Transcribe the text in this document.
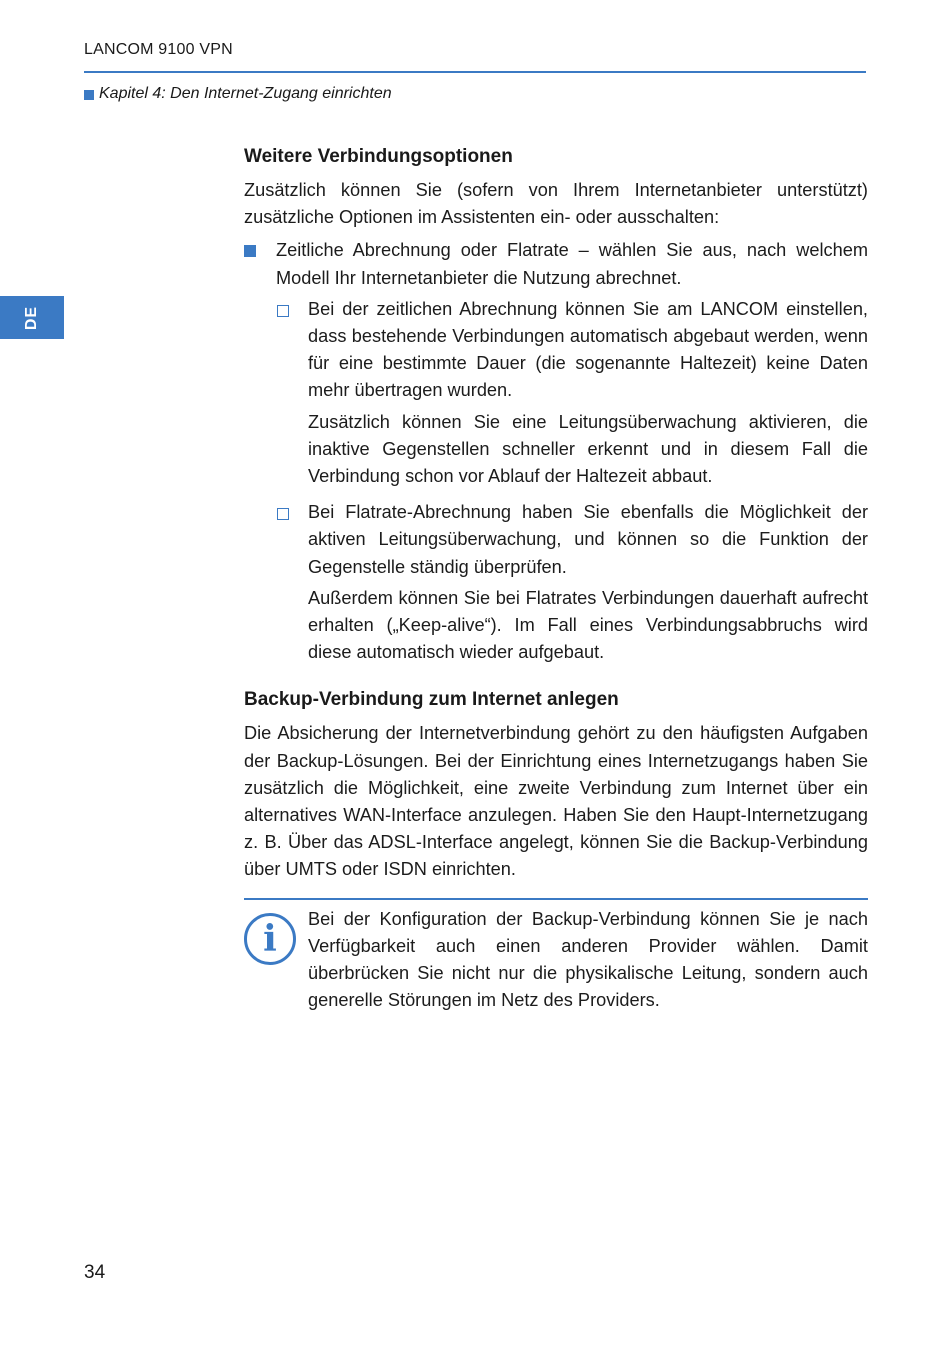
LANCOM 9100 VPN
Kapitel 4: Den Internet-Zugang einrichten
DE
Weitere Verbindungsoptionen

Zusätzlich können Sie (sofern von Ihrem Internetanbieter unterstützt) zusätzliche Optionen im Assistenten ein- oder ausschalten:

Zeitliche Abrechnung oder Flatrate – wählen Sie aus, nach welchem Modell Ihr Internetanbieter die Nutzung abrechnet.

Bei der zeitlichen Abrechnung können Sie am LANCOM einstellen, dass bestehende Verbindungen automatisch abgebaut werden, wenn für eine bestimmte Dauer (die sogenannte Haltezeit) keine Daten mehr übertragen wurden.

Zusätzlich können Sie eine Leitungsüberwachung aktivieren, die inaktive Gegenstellen schneller erkennt und in diesem Fall die Verbindung schon vor Ablauf der Haltezeit abbaut.

Bei Flatrate-Abrechnung haben Sie ebenfalls die Möglichkeit der aktiven Leitungsüberwachung, und können so die Funktion der Gegenstelle ständig überprüfen.

Außerdem können Sie bei Flatrates Verbindungen dauerhaft aufrecht erhalten („Keep-alive“). Im Fall eines Verbindungsabbruchs wird diese automatisch wieder aufgebaut.

Backup-Verbindung zum Internet anlegen

Die Absicherung der Internetverbindung gehört zu den häufigsten Aufgaben der Backup-Lösungen. Bei der Einrichtung eines Internetzugangs haben Sie zusätzlich die Möglichkeit, eine zweite Verbindung zum Internet über ein alternatives WAN-Interface anzulegen. Haben Sie den Haupt-Internetzugang z. B. Über das ADSL-Interface angelegt, können Sie die Backup-Verbindung über UMTS oder ISDN einrichten.

i Bei der Konfiguration der Backup-Verbindung können Sie je nach Verfügbarkeit auch einen anderen Provider wählen. Damit überbrücken Sie nicht nur die physikalische Leitung, sondern auch generelle Störungen im Netz des Providers.

34
